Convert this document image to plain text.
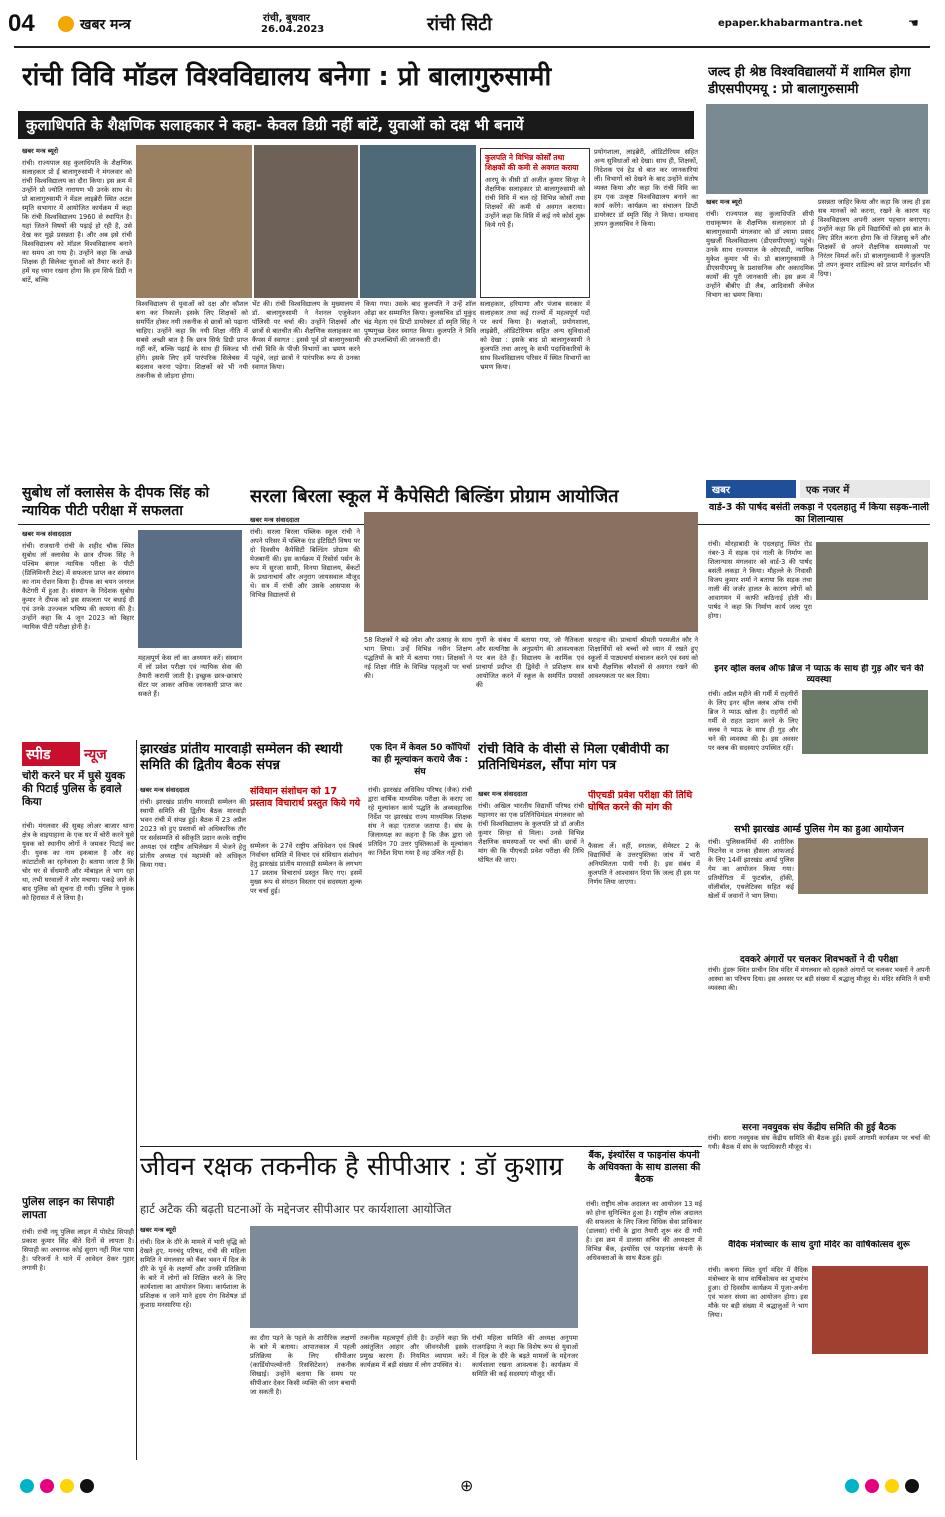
04	खबर मन्त्र	रांची, बुधवार
26.04.2023	रांची सिटी	epaper.khabarmantra.net	☚
रांची विवि मॉडल विश्वविद्यालय बनेगा : प्रो बालागुरुसामी
कुलाधिपति के शैक्षणिक सलाहकार ने कहा- केवल डिग्री नहीं बांटें, युवाओं को दक्ष भी बनायें
खबर मन्त्र ब्यूरो
रांची। राज्यपाल सह कुलाधिपति के शैक्षणिक सलाहकार प्रो ई बालागुरुसामी ने मंगलवार को रांची विश्वविद्यालय का दौरा किया। इस क्रम में उन्होंने प्रो ज्योति नारायण भी उनके साथ थे। प्रो बालागुरुसामी ने मेंडल लाइब्रेरी स्थित अटल स्मृति सभागार में आयोजित कार्यक्रम में कहा कि रांची विश्वविद्यालय 1960 से स्थापित है। यहां जितने विषयों की पढ़ाई हो रही है, उसे देख कर मुझे प्रसन्नता है। और अब इसे रांची विश्वविद्यालय को मॉडल विश्वविद्यालय बनाने का समय आ गया है। उन्होंने कहा कि अच्छे शिक्षक ही सिलेक्ट युवाओं को तैयार करते हैं। हमें यह ध्यान रखना होगा कि हम सिर्फ डिग्री न बांटें, बल्कि
विश्वविद्यालय से युवाओं को दक्ष और कौशल बना कर निकालें। इसके लिए शिक्षकों को समर्पित होकर नयी तकनीक से छात्रों को पढ़ाना चाहिए। उन्होंने कहा कि नयी शिक्षा नीति में सबसे अच्छी बात है कि छात्र सिर्फ डिग्री प्राप्त नहीं करें, बल्कि पढ़ाई के साथ ही स्किल्ड भी होंगे। इसके लिए हमें पारंपरिक सिलेबस में बदलाव करना पड़ेगा। शिक्षकों को भी नयी तकनीक से जोड़ना होगा।
भेंट की। रांची विश्वविद्यालय के मुख्यालय में डॉ. बालागुरुसामी ने नेशनल एजुकेशन पॉलिसी पर चर्चा की। उन्होंने शिक्षकों और छात्रों से बातचीत की। शैक्षणिक सलाहकार का कैंपस में स्वागत : इससे पूर्व प्रो बालागुरुसामी रांची विवि के पीजी विभागों का भ्रमण करने पहुंचे, जहां छात्रों ने पारंपरिक रूप से उनका स्वागत किया।
किया गया। उसके बाद कुलपति ने उन्हें शॉल ओढ़ा कर सम्मानित किया। कुलसचिव डॉ मुकुंद चंद्र मेहता एवं डिप्टी डायरेक्टर डॉ स्मृति सिंह ने पुष्पगुच्छ देकर स्वागत किया। कुलपति ने विवि की उपलब्धियों की जानकारी दी।
कुलपति ने विभिन्न कोर्सों तथा शिक्षकों की कमी से अवगत कराया
आरयू के वीसी डॉ अजीत कुमार सिन्हा ने शैक्षणिक सलाहकार प्रो बालागुरुसामी को रांची विवि में चल रहे विभिन्न कोर्सों तथा शिक्षकों की कमी से अवगत कराया। उन्होंने कहा कि विवि में कई नये कोर्स शुरू किये गये हैं।
सलाहकार, हरियाणा और पंजाब सरकार में सलाहकार तथा कई राज्यों में महत्वपूर्ण पदों पर कार्य किया है। कक्षाओं, प्रयोगशाला, लाइब्रेरी, ऑडिटोरियम सहित अन्य सुविधाओं को देखा : इसके बाद प्रो बालागुरुसामी ने कुलपति तथा आरयू के सभी पदाधिकारियों के साथ विश्वविद्यालय परिसर में स्थित विभागों का भ्रमण किया।
प्रयोगशाला, लाइब्रेरी, ऑडिटोरियम सहित अन्य सुविधाओं को देखा। साथ ही, शिक्षकों, निदेशक एवं हेड से बात कर जानकारियां लीं। विभागों को देखने के बाद उन्होंने संतोष व्यक्त किया और कहा कि रांची विवि का हम एक उत्कृष्ट विश्वविद्यालय बनाने का कार्य करेंगे। कार्यक्रम का संचालन डिप्टी डायरेक्टर डॉ स्मृति सिंह ने किया। धन्यवाद ज्ञापन कुलसचिव ने किया।
जल्द ही श्रेष्ठ विश्वविद्यालयों में शामिल होगा डीएसपीएमयू : प्रो बालागुरुसामी
खबर मन्त्र ब्यूरो
रांची। राज्यपाल सह कुलाधिपति सीपी राधाकृष्णन के शैक्षणिक सलाहकार प्रो ई बालागुरुसामी मंगलवार को डॉ श्यामा प्रसाद मुखर्जी विश्वविद्यालय (डीएसपीएमयू) पहुंचे। उनके साथ राज्यपाल के ओएसडी, न्यायिक मुकेश कुमार भी थे। प्रो बालागुरुसामी ने डीएसपीएमयू के प्रशासनिक और अकादमिक कार्यों की पूरी जानकारी ली। इस क्रम में उन्होंने बीबीए डी लैब, आदिवासी लेंग्वेज विभाग का भ्रमण किया।
प्रसन्नता जाहिर किया और कहा कि जल्द ही इस सब मानकों को करना, रखने के कारण यह विश्वविद्यालय अपनी अलग पहचान बनाएगा। उन्होंने कहा कि हमें विद्यार्थियों को इस बात के लिए प्रेरित करना होगा कि वो जिज्ञासु बनें और शिक्षकों से अपने शैक्षणिक समस्याओं पर निरंतर विमर्श करें। प्रो बालागुरुसामी ने कुलपति प्रो तपन कुमार शांडिल्य को प्राप्त मार्गदर्शन भी दिया।
सुबोध लॉ क्लासेस के दीपक सिंह को न्यायिक पीटी परीक्षा में सफलता
खबर मन्त्र संवाददाता
रांची। राजधानी रांची के शहीद चौक स्थित सुबोध लॉ क्लासेस के छात्र दीपक सिंह ने पश्चिम बंगाल न्यायिक परीक्षा के पीटी (प्रिलिमिनरी टेस्ट) में सफलता प्राप्त कर संस्थान का नाम रोशन किया है। दीपक का चयन जनरल कैटेगरी में हुआ है। संस्थान के निदेशक सुबोध कुमार ने दीपक को इस सफलता पर बधाई दी एवं उनके उज्ज्वल भविष्य की कामना की है। उन्होंने कहा कि 4 जून 2023 को बिहार न्यायिक पीटी परीक्षा होनी है।
महत्वपूर्ण केस लॉ का अध्ययन करें। संस्थान में लॉ प्रवेश परीक्षा एवं न्यायिक सेवा की तैयारी करायी जाती है। इच्छुक छात्र-छात्राएं सेंटर पर आकर अधिक जानकारी प्राप्त कर सकते हैं।
सरला बिरला स्कूल में कैपेसिटी बिल्डिंग प्रोग्राम आयोजित
खबर मन्त्र संवाददाता
रांची। सरला बिरला पब्लिक स्कूल रांची ने अपने परिसर में पब्लिक एंड इंटिग्रिटी विषय पर दो दिवसीय कैपेसिटी बिल्डिंग प्रोग्राम की मेजबानी की। इस कार्यक्रम में रिसोर्स पर्सन के रूप में सुरजा सामी, विनया विद्यालय, बेंकटों के प्रधानाचार्य और अनुराग जायसवाल मौजूद थे। सत्र में रांची और उसके आसपास के विभिन्न विद्यालयों से
58 शिक्षकों ने बढ़े जोश और उत्साह के साथ भाग लिया। उन्हें विभिन्न नवीन शिक्षण पद्धतियों के बारे में बताया गया। शिक्षकों ने नई शिक्षा नीति के विभिन्न पहलुओं पर चर्चा की।
गुणों के संबंध में बताया गया, जो नैतिकता और सत्यनिष्ठा के अनुप्रयोग की आवश्यकता पर बल देते हैं। विद्यालय के कार्मिक एवं प्राचार्या प्रदीप्त दी द्विवेदी ने प्रशिक्षण सत्र आयोजित करने में स्कूल के समर्पित प्रयासों की
सराहना की। प्राचार्या श्रीमती परमजीत कौर ने शिक्षार्थियों को बच्चों को ध्यान में रखते हुए स्कूलों में पाठ्यचर्या संचालन करने एवं स्वयं को सभी शैक्षणिक कौशलों से अवगत रखने की आवश्यकता पर बल दिया।
खबर	एक नजर में
वार्ड-3 की पार्षद बसंती लकड़ा ने एदलहातु में किया सड़क-नाली का शिलान्यास
रांची। मोरहाबादी के एदलहातु स्थित रोड नंबर-3 में सड़क एवं नाली के निर्माण का शिलान्यास मंगलवार को वार्ड-3 की पार्षद बसंती लकड़ा ने किया। मौहल्ले के निवासी विजय कुमार शर्मा ने बताया कि सड़क तथा नाली की जर्जर हालत के कारण लोगों को आवागमन में काफी कठिनाई होती थी। पार्षद ने कहा कि निर्माण कार्य जल्द पूरा होगा।
इनर व्हील क्लब ऑफ ब्रिज ने प्याऊ के साथ ही गुड़ और चने की व्यवस्था
रांची। अप्रैल महीने की गर्मी में राहगीरों के लिए इनर व्हील क्लब ऑफ रांची ब्रिज ने प्याऊ खोला है। राहगीरों को गर्मी से राहत प्रदान करने के लिए क्लब ने प्याऊ के साथ ही गुड़ और चने की व्यवस्था की है। इस अवसर पर क्लब की सदस्याएं उपस्थित रहीं।
सभी झारखंड आर्म्ड पुलिस गेम का हुआ आयोजन
रांची। पुलिसकर्मियों की शारीरिक फिटनेस व उनका हौसला आफजाई के लिए 14वीं झारखंड आर्म्ड पुलिस गेम का आयोजन किया गया। प्रतियोगिता में फुटबॉल, हॉकी, वॉलीबॉल, एथलेटिक्स सहित कई खेलों में जवानों ने भाग लिया।
दवकरे अंगारों पर चलकर शिवभक्तों ने दी परीक्षा
रांची। हुंडरू स्थित प्राचीन शिव मंदिर में मंगलवार को दहकते अंगारों पर चलकर भक्तों ने अपनी आस्था का परिचय दिया। इस अवसर पर बड़ी संख्या में श्रद्धालु मौजूद थे। मंदिर समिति ने सभी व्यवस्था की।
सरना नवयुवक संघ केंद्रीय समिति की हुई बैठक
रांची। सरना नवयुवक संघ केंद्रीय समिति की बैठक हुई। इसमें आगामी कार्यक्रम पर चर्चा की गयी। बैठक में संघ के पदाधिकारी मौजूद थे।
वैदिक मंत्रोच्चार के साथ दुर्गा मंदिर का वार्षिकोत्सव शुरू
रांची। कचना स्थित दुर्गा मंदिर में वैदिक मंत्रोच्चार के साथ वार्षिकोत्सव का शुभारंभ हुआ। दो दिवसीय कार्यक्रम में पूजा-अर्चना एवं भजन संध्या का आयोजन होगा। इस मौके पर बड़ी संख्या में श्रद्धालुओं ने भाग लिया।
स्पीड	न्यूज
चोरी करने घर में घुसे युवक की पिटाई पुलिस के हवाले किया
रांची। मंगलवार की सुबह लोअर बाजार थाना क्षेत्र के वाइयाहाना के एक घर में चोरी करने घुसे युवक को स्थानीय लोगों ने जमकर पिटाई कर दी। युवक का नाम इकबाल है और वह कांटाटोली का रहनेवाला है। बताया जाता है कि चोर घर से सेंधमारी और मोबाइल ले भाग रहा था, तभी घरवालों ने शोर मचाया। पकड़े जाने के बाद पुलिस को सूचना दी गयी। पुलिस ने युवक को हिरासत में ले लिया है।
पुलिस लाइन का सिपाही लापता
रांची। रांची नयू पुलिस लाइन में पोस्टेड सिपाही प्रकाश कुमार सिंह बीते दिनों से लापता है। सिपाही का अचानक कोई सुराग नहीं मिल पाया है। परिजनों ने थाने में आवेदन देकर गुहार लगायी है।
झारखंड प्रांतीय मारवाड़ी सम्मेलन की स्थायी समिति की द्वितीय बैठक संपन्न
खबर मन्त्र संवाददाता
रांची। झारखंड प्रांतीय मारवाड़ी सम्मेलन की स्थायी समिति की द्वितीय बैठक मारवाड़ी भवन रांची में संपन्न हुई। बैठक में 23 अप्रैल 2023 को हुए प्रस्तावों को अधिकारिक तौर पर सर्वसम्मति से स्वीकृति प्रदान करके राष्ट्रीय अध्यक्ष एवं राष्ट्रीय अभिलेखन में भेजने हेतु प्रांतीय अध्यक्ष एवं महामंत्री को अधिकृत किया गया।
संविधान संशोधन को 17 प्रस्ताव विचारार्थ प्रस्तुत किये गये
सम्मेलन के 27वें राष्ट्रीय अधिवेशन एवं त्रिवर्ष निर्वाचन समिति में विचार एवं संविधान संशोधन हेतु झारखंड प्रांतीय मारवाड़ी सम्मेलन के लगभग 17 प्रस्ताव विचारार्थ प्रस्तुत किए गए। इसमें मुख्य रूप से संगठन विस्तार एवं सदस्यता शुल्क पर चर्चा हुई।
एक दिन में केवल 50 कॉपियों का ही मूल्यांकन कराये जैक : संघ
रांची। झारखंड अधिविध परिषद (जैक) रांची द्वारा वार्षिक माध्यमिक परीक्षा के कराए जा रहे मूल्यांकन कार्य पद्धति के अव्यवहारिक निर्देश पर झारखंड राज्य माध्यमिक शिक्षक संघ ने कड़ा एतराज जताया है। संघ के जिलाध्यक्ष का कहना है कि जैक द्वारा जो प्रतिदिन 70 उत्तर पुस्तिकाओं के मूल्यांकन का निर्देश दिया गया है वह उचित नहीं है।
रांची विवि के वीसी से मिला एबीवीपी का प्रतिनिधिमंडल, सौंपा मांग पत्र
खबर मन्त्र संवाददाता
रांची। अखिल भारतीय विद्यार्थी परिषद रांची महानगर का एक प्रतिनिधिमंडल मंगलवार को रांची विश्वविद्यालय के कुलपति प्रो डॉ अजीत कुमार सिन्हा से मिला। उनसे विभिन्न शैक्षणिक समस्याओं पर चर्चा की। छात्रों ने मांग की कि पीएचडी प्रवेश परीक्षा की तिथि घोषित की जाए।
पीएचडी प्रवेश परीक्षा की तिथि घोषित करने की मांग की
फैसला लें। वहीं, स्नातक, सेमेस्टर 2 के विद्यार्थियों के उत्तरपुस्तिका जांच में भारी अनियमितता पायी गयी है। इस संबंध में कुलपति ने आश्वासन दिया कि जल्द ही इस पर निर्णय लिया जाएगा।
जीवन रक्षक तकनीक है सीपीआर : डॉ कुशाग्र
हार्ट अटैक की बढ़ती घटनाओं के मद्देनजर सीपीआर पर कार्यशाला आयोजित
खबर मन्त्र ब्यूरो
रांची। दिल के दौरे के मामले में भारी वृद्धि को देखते हुए, मनचंदु परिषद, रांची की महिला समिति ने मंगलवार को चैंबर भवन में दिल के दौरे के पूर्व के लक्षणों और उनकी प्रतिक्रिया के बारे में लोगों को शिक्षित करने के लिए कार्यशाला का आयोजन किया। कार्यशाला के प्रशिक्षक व जाने माने हृदय रोग विशेषज्ञ डॉ कुशाग्र मनसारिया रहे।
का दौरा पड़ने के पहले के शारीरिक लक्षणों के बारे में बताया। आपातकाल में पहली प्रतिक्रिया के लिए सीपीआर (कार्डियोपल्मोनरी रिससिटेशन) तकनीक सिखाई। उन्होंने बताया कि समय पर सीपीआर देकर किसी व्यक्ति की जान बचायी जा सकती है।
तकनीक महत्वपूर्ण होती है। उन्होंने कहा कि असंतुलित आहार और जीवनशैली इसके प्रमुख कारण हैं। नियमित व्यायाम करें। कार्यक्रम में बड़ी संख्या में लोग उपस्थित थे।
रांची महिला समिति की अध्यक्ष अनुपमा राजगढ़िया ने कहा कि विशेष रूप से युवाओं में दिल के दौरे के बढ़ते मामलों के मद्देनजर कार्यशाला रखना आवश्यक है। कार्यक्रम में समिति की कई सदस्याएं मौजूद थीं।
बैंक, इंश्योरेंस व फाइनांस कंपनी के अधिवक्ता के साथ डालसा की बैठक
रांची। राष्ट्रीय लोक अदालत का आयोजन 13 मई को होना सुनिश्चित हुआ है। राष्ट्रीय लोक अदालत की सफलता के लिए जिला विधिक सेवा प्राधिकार (डालसा) रांची के द्वारा तैयारी शुरू कर दी गयी है। इस क्रम में डालसा सचिव की अध्यक्षता में विभिन्न बैंक, इंश्योरेंस एवं फाइनांस कंपनी के अधिवक्ताओं के साथ बैठक हुई।
⊕
